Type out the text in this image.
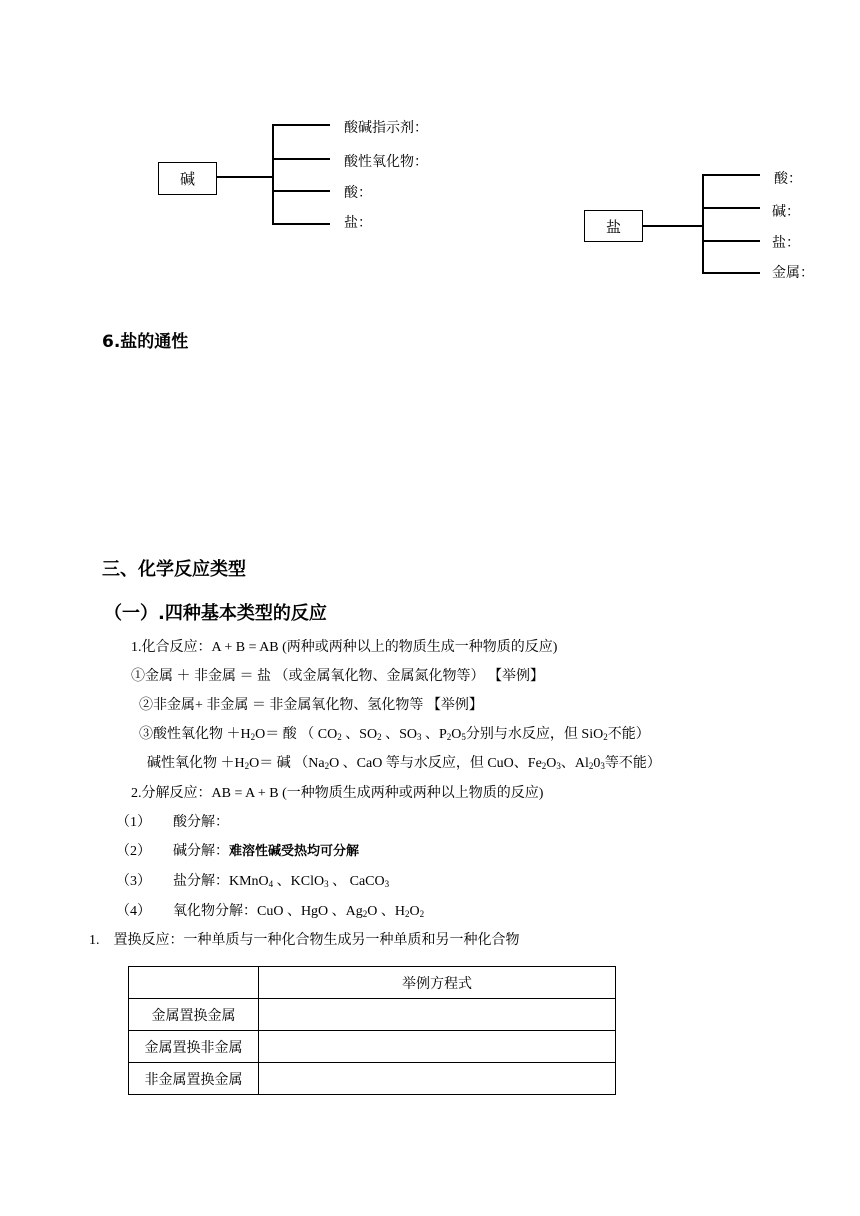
碱
酸碱指示剂：
酸性氧化物：
酸：
盐：	盐
酸：
碱：
盐：
金属：
6.盐的通性
三、化学反应类型
（一）.四种基本类型的反应
1.化合反应：A + B = AB (两种或两种以上的物质生成一种物质的反应)
①金属 ＋ 非金属 ＝ 盐 （或金属氧化物、金属氮化物等） 【举例】
②非金属+ 非金属 ＝ 非金属氧化物、氢化物等 【举例】
③酸性氧化物 $+H_2O=$ 酸 （ $CO_2$ 、$SO_2$ 、$SO_3$ 、$P_2O_5$分别与水反应，但 SiO$_2$不能）
碱性氧化物 $+H_2O=$ 碱 （$Na_2O$ 、CaO 等与水反应，但 CuO、$Fe_2O_3$、$Al_20_3$等不能）
2.分解反应：AB = A + B (一种物质生成两种或两种以上物质的反应)
（1） 酸分解：
（2） 碱分解：难溶性碱受热均可分解
（3） 盐分解：KMnO$_4$ 、KClO$_3$ 、 CaCO$_3$
（4） 氧化物分解：CuO 、HgO 、$Ag_2O$ 、$H_2O_2$
1. 置换反应：一种单质与一种化合物生成另一种单质和另一种化合物
	举例方程式
金属置换金属	
金属置换非金属	
非金属置换金属	
